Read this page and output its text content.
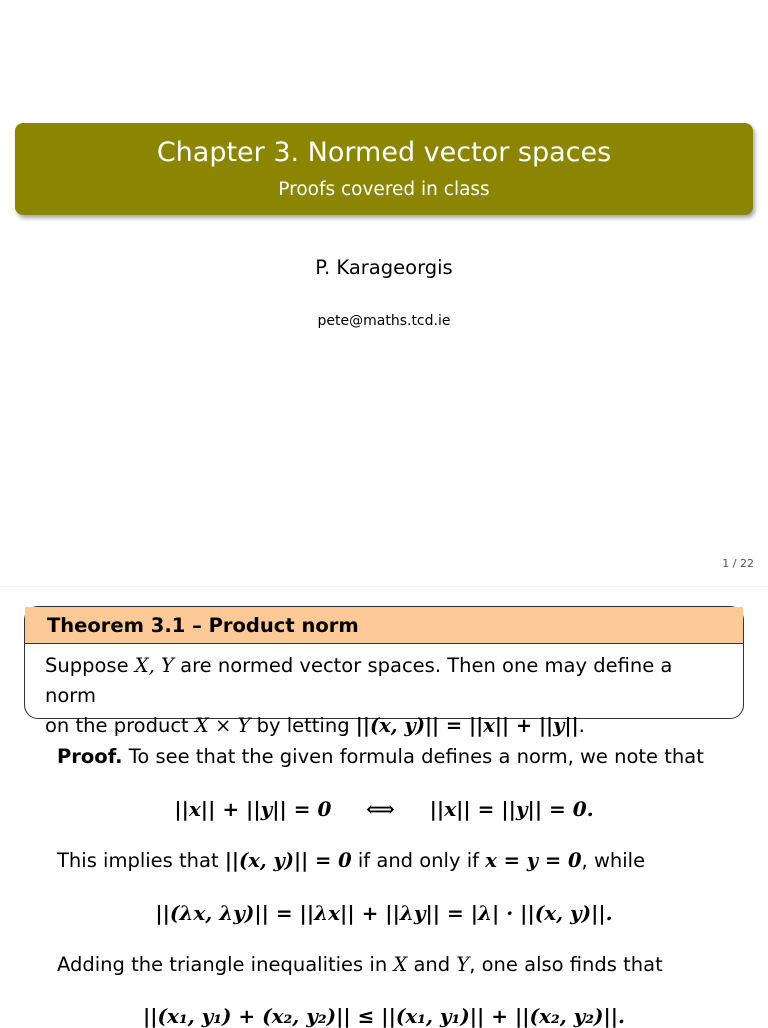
Chapter 3. Normed vector spaces
Proofs covered in class
P. Karageorgis
pete@maths.tcd.ie
1 / 22
Theorem 3.1 – Product norm
Suppose X, Y are normed vector spaces. Then one may define a norm
on the product X × Y by letting ||(x, y)|| = ||x|| + ||y||.
Proof. To see that the given formula defines a norm, we note that
||x|| + ||y|| = 0     ⟺     ||x|| = ||y|| = 0.
This implies that ||(x, y)|| = 0 if and only if x = y = 0, while
||(λx, λy)|| = ||λx|| + ||λy|| = |λ| · ||(x, y)||.
Adding the triangle inequalities in X and Y, one also finds that
||(x₁, y₁) + (x₂, y₂)|| ≤ ||(x₁, y₁)|| + ||(x₂, y₂)||.
